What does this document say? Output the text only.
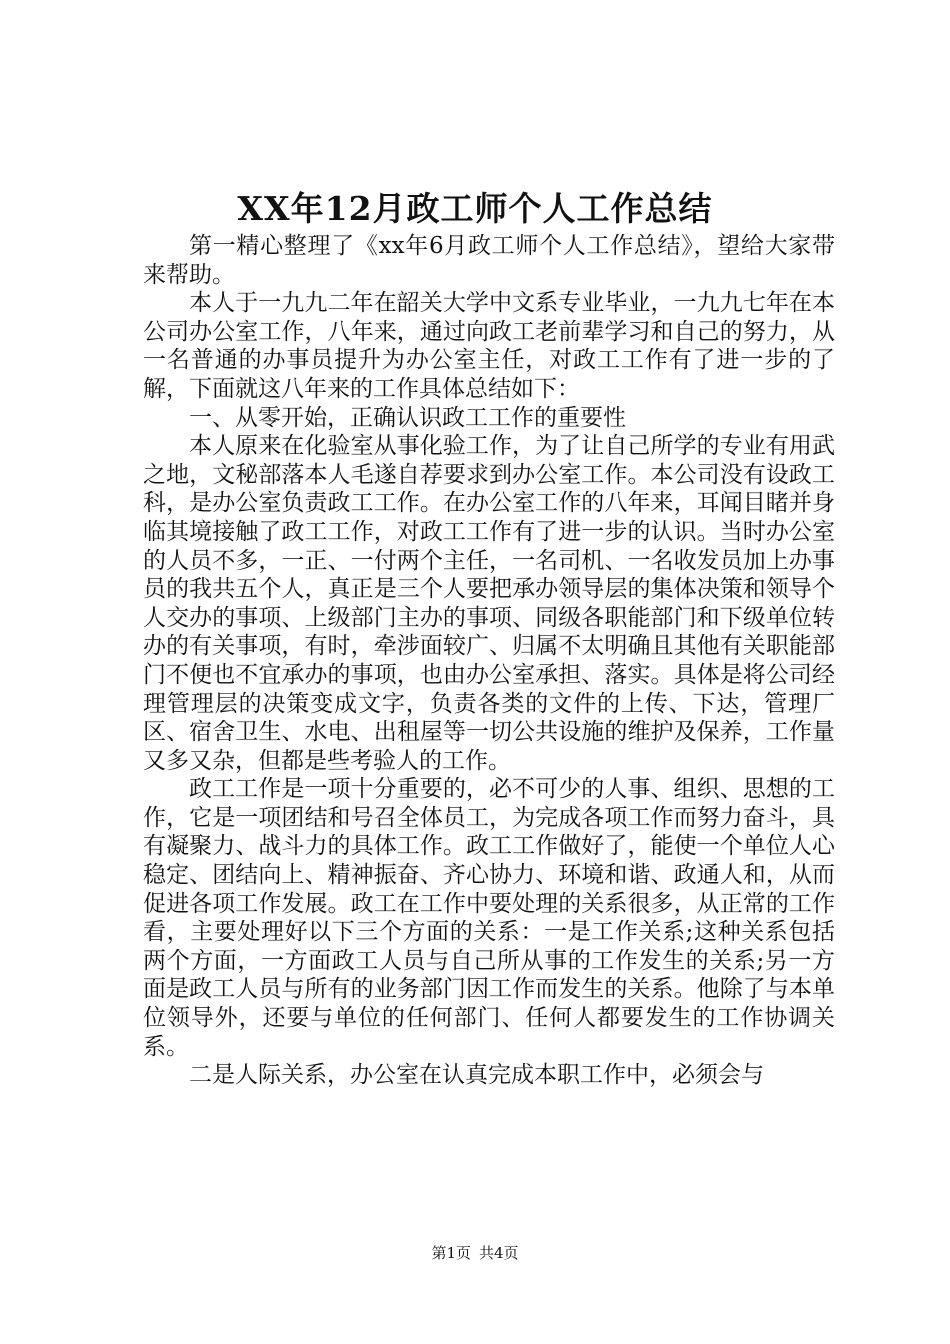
XX年12月政工师个人工作总结

第一精心整理了《xx年6月政工师个人工作总结》，望给大家带来帮助。

本人于一九九二年在韶关大学中文系专业毕业，一九九七年在本公司办公室工作，八年来，通过向政工老前辈学习和自己的努力，从一名普通的办事员提升为办公室主任，对政工工作有了进一步的了解，下面就这八年来的工作具体总结如下：

一、从零开始，正确认识政工工作的重要性

本人原来在化验室从事化验工作，为了让自己所学的专业有用武之地，文秘部落本人毛遂自荐要求到办公室工作。本公司没有设政工科，是办公室负责政工工作。在办公室工作的八年来，耳闻目睹并身临其境接触了政工工作，对政工工作有了进一步的认识。当时办公室的人员不多，一正、一付两个主任，一名司机、一名收发员加上办事员的我共五个人，真正是三个人要把承办领导层的集体决策和领导个人交办的事项、上级部门主办的事项、同级各职能部门和下级单位转办的有关事项，有时，牵涉面较广、归属不太明确且其他有关职能部门不便也不宜承办的事项，也由办公室承担、落实。具体是将公司经理管理层的决策变成文字，负责各类的文件的上传、下达，管理厂区、宿舍卫生、水电、出租屋等一切公共设施的维护及保养，工作量又多又杂，但都是些考验人的工作。

政工工作是一项十分重要的，必不可少的人事、组织、思想的工作，它是一项团结和号召全体员工，为完成各项工作而努力奋斗，具有凝聚力、战斗力的具体工作。政工工作做好了，能使一个单位人心稳定、团结向上、精神振奋、齐心协力、环境和谐、政通人和，从而促进各项工作发展。政工在工作中要处理的关系很多，从正常的工作看，主要处理好以下三个方面的关系：一是工作关系;这种关系包括两个方面，一方面政工人员与自己所从事的工作发生的关系;另一方面是政工人员与所有的业务部门因工作而发生的关系。他除了与本单位领导外，还要与单位的任何部门、任何人都要发生的工作协调关系。

二是人际关系，办公室在认真完成本职工作中，必须会与

第1页 共4页
